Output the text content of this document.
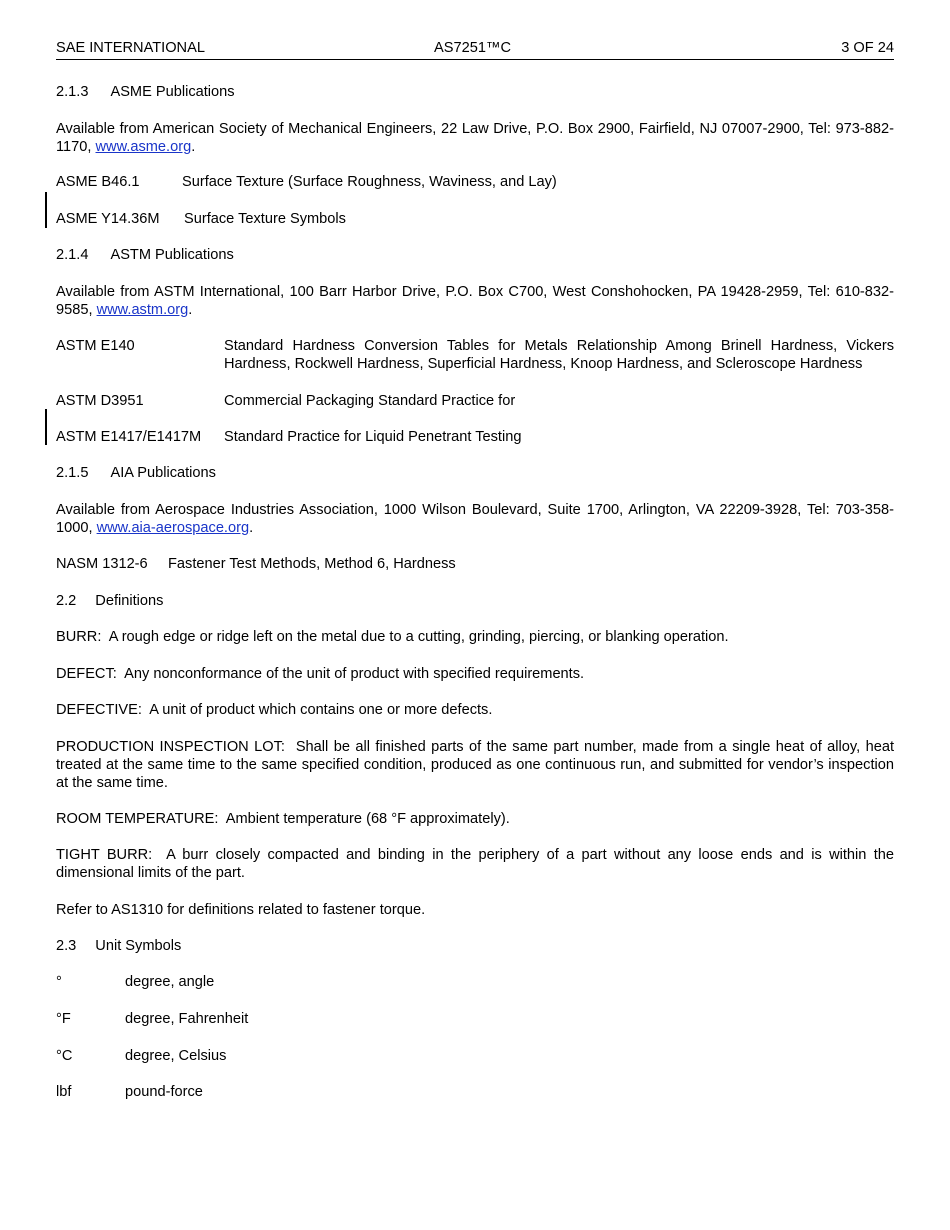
SAE INTERNATIONAL	AS7251™C	3 OF 24
2.1.3 ASME Publications
Available from American Society of Mechanical Engineers, 22 Law Drive, P.O. Box 2900, Fairfield, NJ 07007-2900, Tel: 973-882-1170, www.asme.org.
ASME B46.1	Surface Texture (Surface Roughness, Waviness, and Lay)
ASME Y14.36M Surface Texture Symbols
2.1.4 ASTM Publications
Available from ASTM International, 100 Barr Harbor Drive, P.O. Box C700, West Conshohocken, PA 19428-2959, Tel: 610-832-9585, www.astm.org.
ASTM E140	Standard Hardness Conversion Tables for Metals Relationship Among Brinell Hardness, Vickers Hardness, Rockwell Hardness, Superficial Hardness, Knoop Hardness, and Scleroscope Hardness
ASTM D3951	Commercial Packaging Standard Practice for
ASTM E1417/E1417M Standard Practice for Liquid Penetrant Testing
2.1.5 AIA Publications
Available from Aerospace Industries Association, 1000 Wilson Boulevard, Suite 1700, Arlington, VA 22209-3928, Tel: 703-358-1000, www.aia-aerospace.org.
NASM 1312-6 Fastener Test Methods, Method 6, Hardness
2.2 Definitions
BURR: A rough edge or ridge left on the metal due to a cutting, grinding, piercing, or blanking operation.
DEFECT: Any nonconformance of the unit of product with specified requirements.
DEFECTIVE: A unit of product which contains one or more defects.
PRODUCTION INSPECTION LOT: Shall be all finished parts of the same part number, made from a single heat of alloy, heat treated at the same time to the same specified condition, produced as one continuous run, and submitted for vendor’s inspection at the same time.
ROOM TEMPERATURE: Ambient temperature (68 °F approximately).
TIGHT BURR: A burr closely compacted and binding in the periphery of a part without any loose ends and is within the dimensional limits of the part.
Refer to AS1310 for definitions related to fastener torque.
2.3 Unit Symbols
°	degree, angle
°F	degree, Fahrenheit
°C	degree, Celsius
lbf	pound-force
